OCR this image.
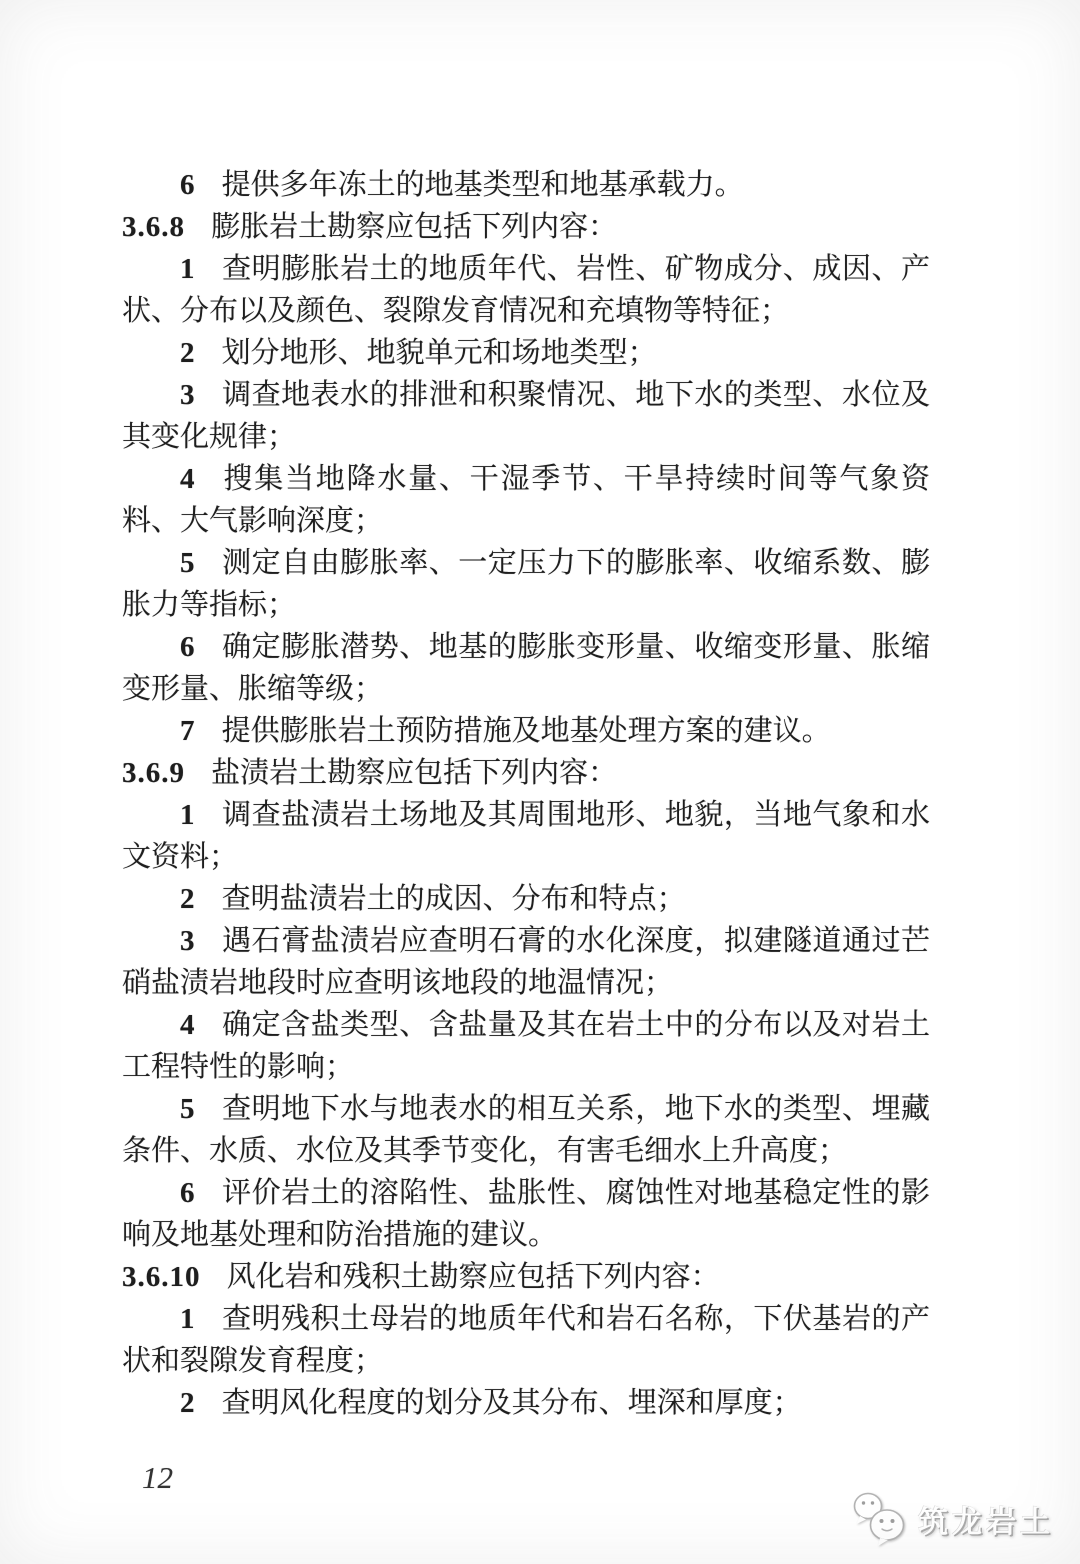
6 提供多年冻土的地基类型和地基承载力。

3.6.8 膨胀岩土勘察应包括下列内容：

1 查明膨胀岩土的地质年代、岩性、矿物成分、成因、产状、分布以及颜色、裂隙发育情况和充填物等特征；

2 划分地形、地貌单元和场地类型；

3 调查地表水的排泄和积聚情况、地下水的类型、水位及其变化规律；

4 搜集当地降水量、干湿季节、干旱持续时间等气象资料、大气影响深度；

5 测定自由膨胀率、一定压力下的膨胀率、收缩系数、膨胀力等指标；

6 确定膨胀潜势、地基的膨胀变形量、收缩变形量、胀缩变形量、胀缩等级；

7 提供膨胀岩土预防措施及地基处理方案的建议。

3.6.9 盐渍岩土勘察应包括下列内容：

1 调查盐渍岩土场地及其周围地形、地貌，当地气象和水文资料；

2 查明盐渍岩土的成因、分布和特点；

3 遇石膏盐渍岩应查明石膏的水化深度，拟建隧道通过芒硝盐渍岩地段时应查明该地段的地温情况；

4 确定含盐类型、含盐量及其在岩土中的分布以及对岩土工程特性的影响；

5 查明地下水与地表水的相互关系，地下水的类型、埋藏条件、水质、水位及其季节变化，有害毛细水上升高度；

6 评价岩土的溶陷性、盐胀性、腐蚀性对地基稳定性的影响及地基处理和防治措施的建议。

3.6.10 风化岩和残积土勘察应包括下列内容：

1 查明残积土母岩的地质年代和岩石名称，下伏基岩的产状和裂隙发育程度；

2 查明风化程度的划分及其分布、埋深和厚度；

12
筑龙岩土
